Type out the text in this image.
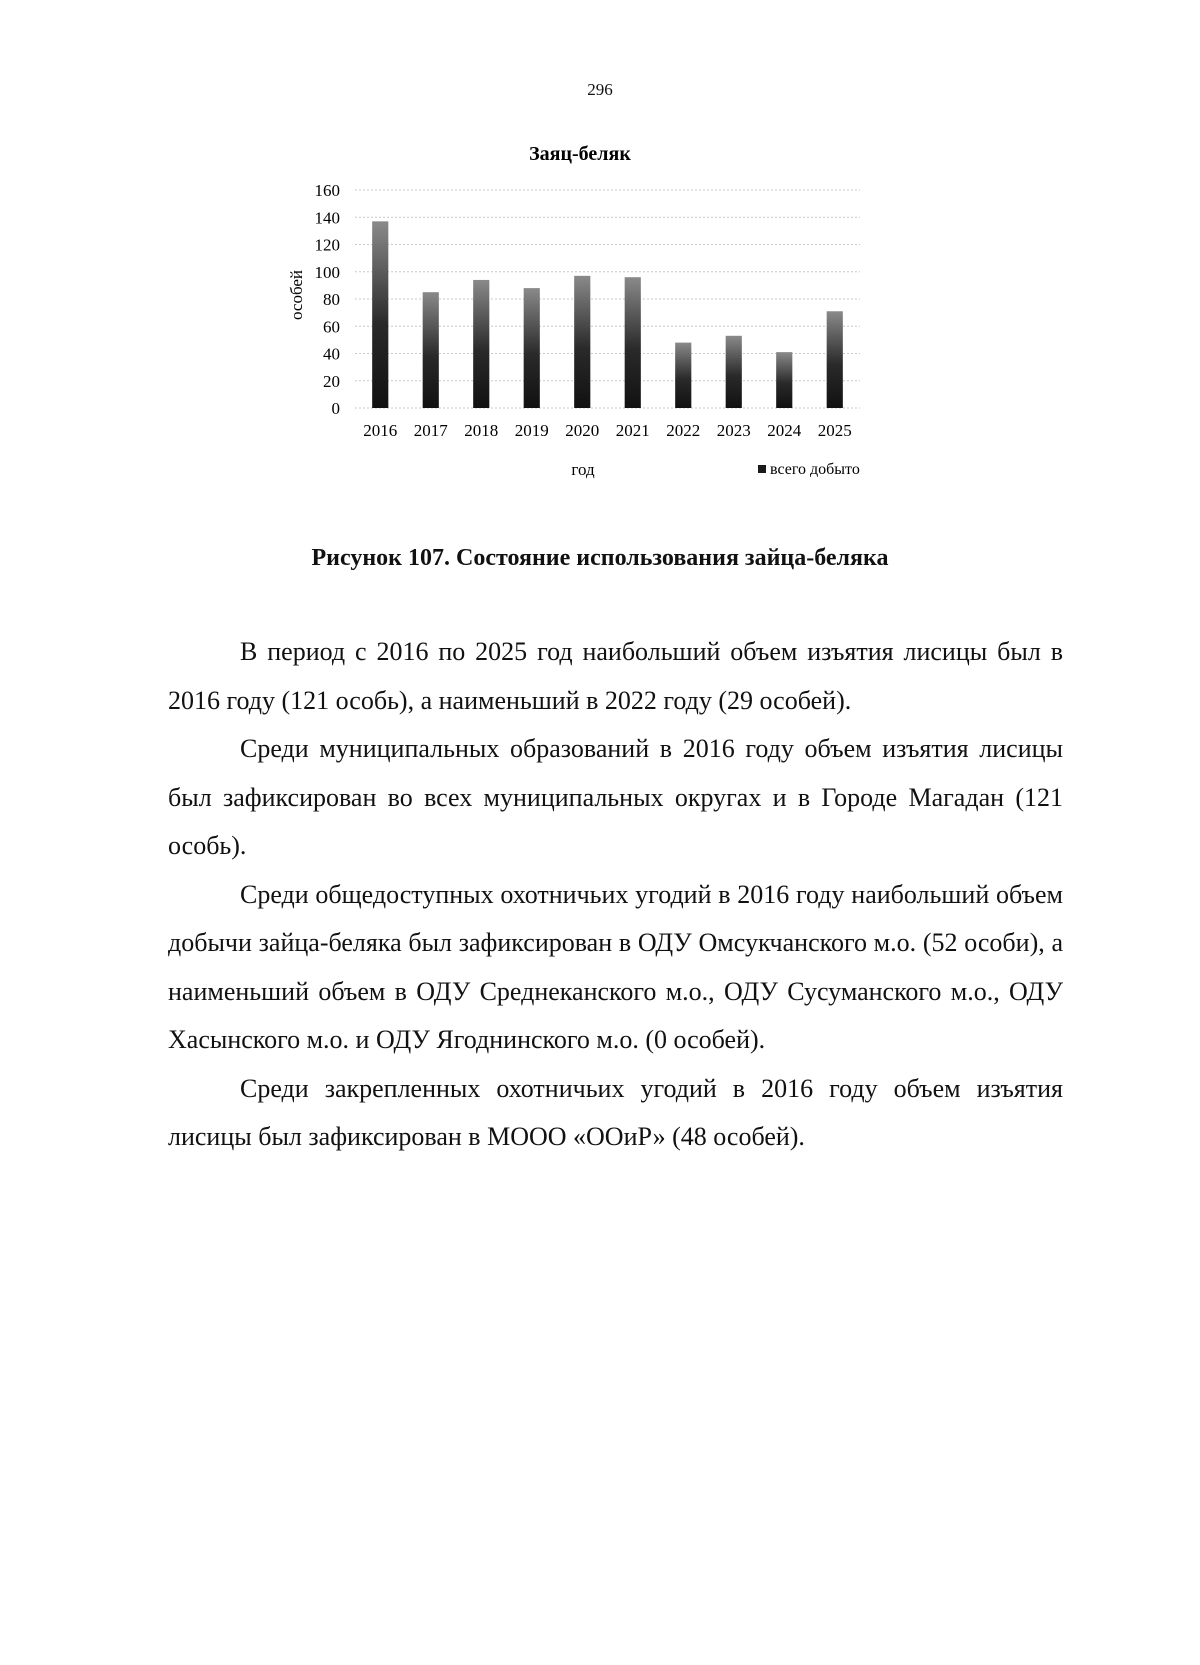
296
Заяц-беляк
0
20
40
60
80
100
120
140
160
2016 2017 2018 2019 2020 2021 2022 2023 2024 2025
особей
год	всего добыто
Рисунок 107. Состояние использования зайца-беляка

В период с 2016 по 2025 год наибольший объем изъятия лисицы был в 2016 году (121 особь), а наименьший в 2022 году (29 особей).

Среди муниципальных образований в 2016 году объем изъятия лисицы был зафиксирован во всех муниципальных округах и в Городе Магадан (121 особь).

Среди общедоступных охотничьих угодий в 2016 году наибольший объем добычи зайца-беляка был зафиксирован в ОДУ Омсукчанского м.о. (52 особи), а наименьший объем в ОДУ Среднеканского м.о., ОДУ Сусуманского м.о., ОДУ Хасынского м.о. и ОДУ Ягоднинского м.о. (0 особей).

Среди закрепленных охотничьих угодий в 2016 году объем изъятия лисицы был зафиксирован в МООО «ООиР» (48 особей).
